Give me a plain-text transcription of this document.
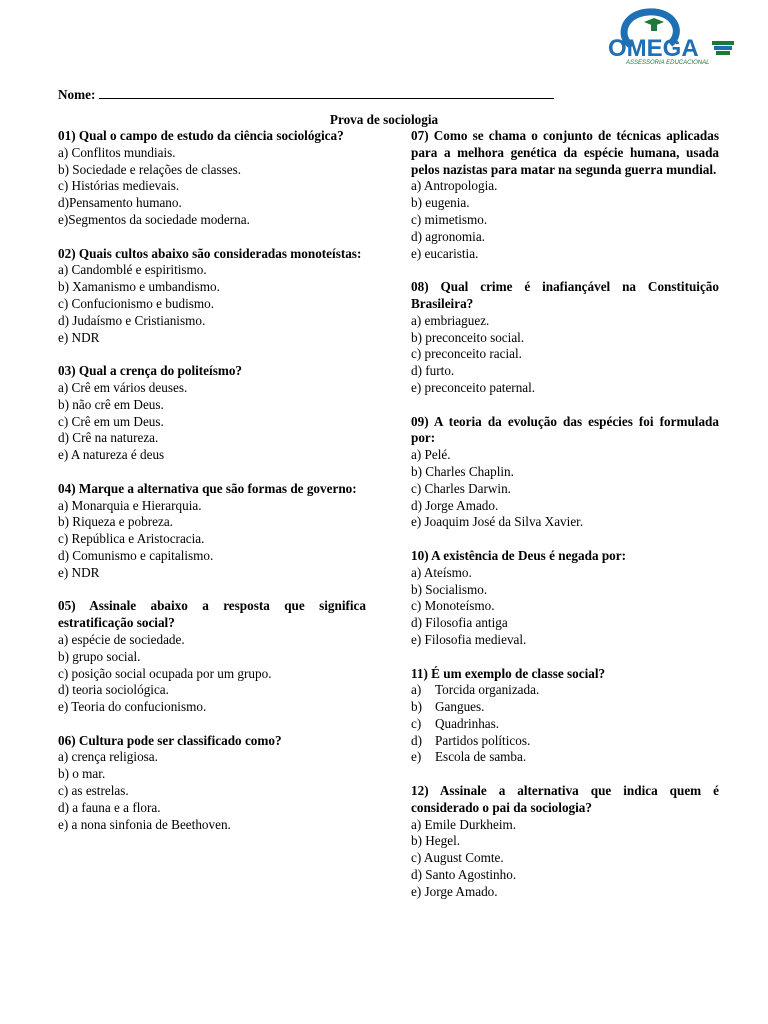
OMEGA
ASSESSORIA EDUCACIONAL
Nome:
Prova de sociologia
01) Qual o campo de estudo da ciência sociológica?
a) Conflitos mundiais.
b) Sociedade e relações de classes.
c) Histórias medievais.
d)Pensamento humano.
e)Segmentos da sociedade moderna.
02) Quais cultos abaixo são consideradas monoteístas:
a) Candomblé e espiritismo.
b) Xamanismo e umbandismo.
c) Confucionismo e budismo.
d) Judaísmo e Cristianismo.
e) NDR
03) Qual a crença do politeísmo?
a) Crê em vários deuses.
b) não crê em Deus.
c) Crê em um Deus.
d) Crê na natureza.
e) A natureza é deus
04) Marque a alternativa que são formas de governo:
a) Monarquia e Hierarquia.
b) Riqueza e pobreza.
c) República e Aristocracia.
d) Comunismo e capitalismo.
e) NDR
05) Assinale abaixo a resposta que significa estratificação social?
a) espécie de sociedade.
b) grupo social.
c) posição social ocupada por um grupo.
d) teoria sociológica.
e) Teoria do confucionismo.
06) Cultura pode ser classificado como?
a) crença religiosa.
b) o mar.
c) as estrelas.
d) a fauna e a flora.
e) a nona sinfonia de Beethoven.
07) Como se chama o conjunto de técnicas aplicadas para a melhora genética da espécie humana, usada pelos nazistas para matar na segunda guerra mundial.
a) Antropologia.
b) eugenia.
c) mimetismo.
d) agronomia.
e) eucaristia.
08) Qual crime é inafiançável na Constituição Brasileira?
a) embriaguez.
b) preconceito social.
c) preconceito racial.
d) furto.
e) preconceito paternal.
09) A teoria da evolução das espécies foi formulada por:
a) Pelé.
b) Charles Chaplin.
c) Charles Darwin.
d) Jorge Amado.
e) Joaquim José da Silva Xavier.
10) A existência de Deus é negada por:
a) Ateísmo.
b) Socialismo.
c) Monoteísmo.
d) Filosofia antiga
e) Filosofia medieval.
11) É um exemplo de classe social?
a) Torcida organizada.
b) Gangues.
c) Quadrinhas.
d) Partidos políticos.
e) Escola de samba.
12) Assinale a alternativa que indica quem é considerado o pai da sociologia?
a) Emile Durkheim.
b) Hegel.
c) August Comte.
d) Santo Agostinho.
e) Jorge Amado.
